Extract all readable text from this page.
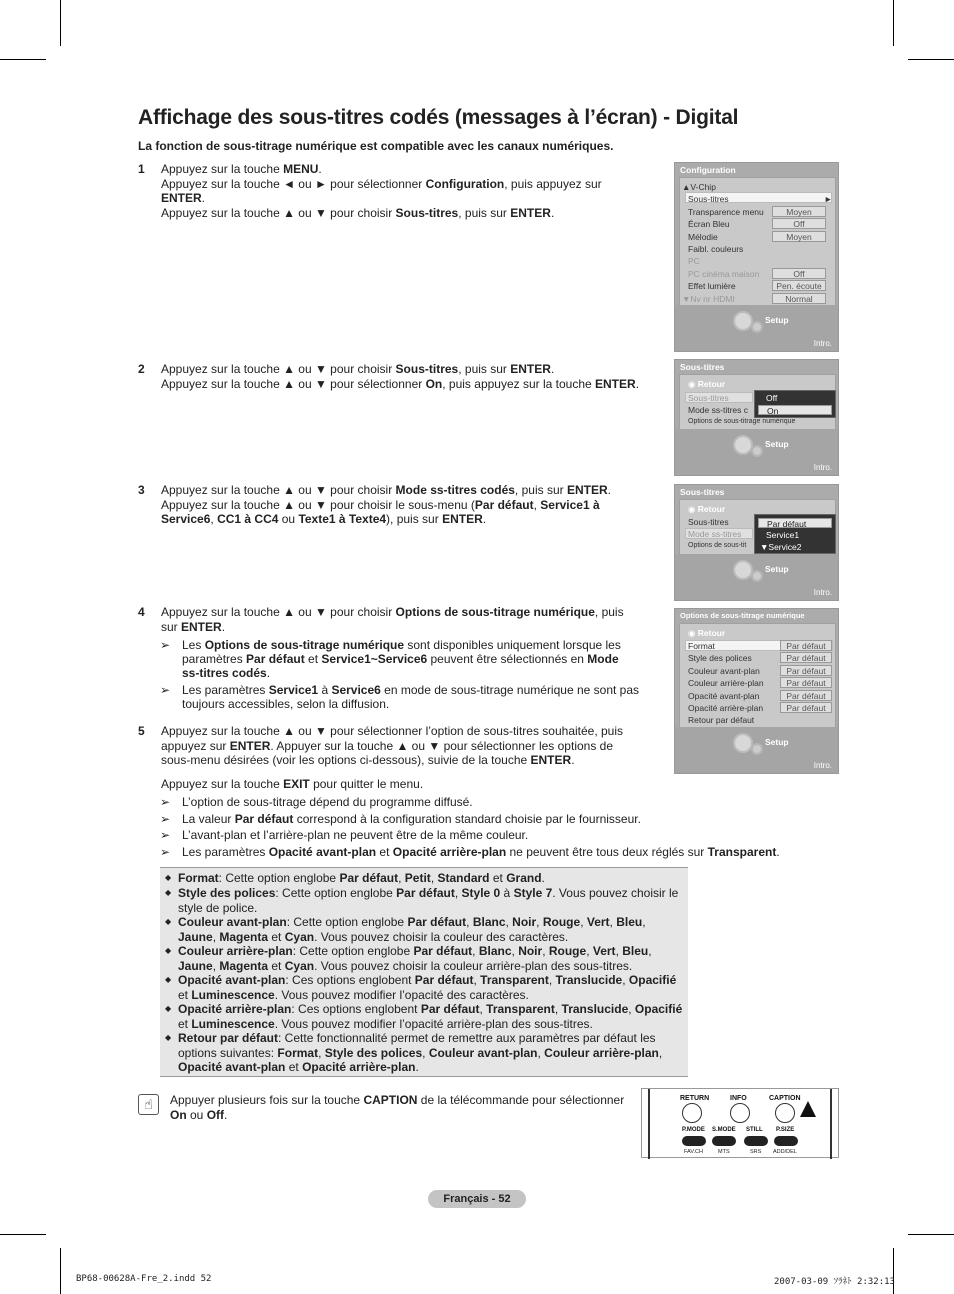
Affichage des sous-titres codés (messages à l’écran) - Digital
La fonction de sous-titrage numérique est compatible avec les canaux numériques.
1 Appuyez sur la touche MENU.

Appuyez sur la touche ◄ ou ► pour sélectionner Configuration, puis appuyez sur ENTER.

Appuyez sur la touche ▲ ou ▼ pour choisir Sous-titres, puis sur ENTER.

2 Appuyez sur la touche ▲ ou ▼ pour choisir Sous-titres, puis sur ENTER.

Appuyez sur la touche ▲ ou ▼ pour sélectionner On, puis appuyez sur la touche ENTER.

3 Appuyez sur la touche ▲ ou ▼ pour choisir Mode ss-titres codés, puis sur ENTER.

Appuyez sur la touche ▲ ou ▼ pour choisir le sous-menu (Par défaut, Service1 à Service6, CC1 à CC4 ou Texte1 à Texte4), puis sur ENTER.

4 Appuyez sur la touche ▲ ou ▼ pour choisir Options de sous-titrage numérique, puis sur ENTER.

➢ Les Options de sous-titrage numérique sont disponibles uniquement lorsque les paramètres Par défaut et Service1~Service6 peuvent être sélectionnés en Mode ss-titres codés.
➢ Les paramètres Service1 à Service6 en mode de sous-titrage numérique ne sont pas toujours accessibles, selon la diffusion.
5 Appuyez sur la touche ▲ ou ▼ pour sélectionner l’option de sous-titres souhaitée, puis appuyez sur ENTER. Appuyer sur la touche ▲ ou ▼ pour sélectionner les options de sous-menu désirées (voir les options ci-dessous), suivie de la touche ENTER.

Appuyez sur la touche EXIT pour quitter le menu.
➢ L’option de sous-titrage dépend du programme diffusé.
➢ La valeur Par défaut correspond à la configuration standard choisie par le fournisseur.
➢ L’avant-plan et l’arrière-plan ne peuvent être de la même couleur.
➢ Les paramètres Opacité avant-plan et Opacité arrière-plan ne peuvent être tous deux réglés sur Transparent.
◆ Format: Cette option englobe Par défaut, Petit, Standard et Grand.
◆ Style des polices: Cette option englobe Par défaut, Style 0 à Style 7. Vous pouvez choisir le style de police.
◆ Couleur avant-plan: Cette option englobe Par défaut, Blanc, Noir, Rouge, Vert, Bleu, Jaune, Magenta et Cyan. Vous pouvez choisir la couleur des caractères.
◆ Couleur arrière-plan: Cette option englobe Par défaut, Blanc, Noir, Rouge, Vert, Bleu, Jaune, Magenta et Cyan. Vous pouvez choisir la couleur arrière-plan des sous-titres.
◆ Opacité avant-plan: Ces options englobent Par défaut, Transparent, Translucide, Opacifié et Luminescence. Vous pouvez modifier l’opacité des caractères.
◆ Opacité arrière-plan: Ces options englobent Par défaut, Transparent, Translucide, Opacifié et Luminescence. Vous pouvez modifier l’opacité arrière-plan des sous-titres.
◆ Retour par défaut: Cette fonctionnalité permet de remettre aux paramètres par défaut les options suivantes: Format, Style des polices, Couleur avant-plan, Couleur arrière-plan, Opacité avant-plan et Opacité arrière-plan.
☝	Appuyer plusieurs fois sur la touche CAPTION de la télécommande pour sélectionner On ou Off.
RETURN	INFO	CAPTION
P.MODE S.MODE STILL P.SIZE
FAV.CH	MTS	SRS ADD/DEL
Configuration
▲V-Chip
Sous-titres	►
Transparence menu	Moyen
Écran Bleu	Off
Mélodie	Moyen
Faibl. couleurs
PC
PC cinéma maison	Off
Effet lumière	Pen. écoute
▼Nv nr HDMI	Normal
Setup
Intro.
Sous-titres
◉ Retour
Sous-titres
Mode ss-titres c
Options de sous-titrage numérique
Off
On
Setup
Intro.
Sous-titres
◉ Retour
Sous-titres
Mode ss-titres
Options de sous-tit
Par défaut
Service1
▼Service2
Setup
Intro.
Options de sous-titrage numérique
◉ Retour
Format	Par défaut
Style des polices	Par défaut
Couleur avant-plan	Par défaut
Couleur arrière-plan	Par défaut
Opacité avant-plan	Par défaut
Opacité arrière-plan	Par défaut
Retour par défaut
Setup
Intro.
Français - 52
BP68-00628A-Fre_2.indd 52	2007-03-09 ｿﾗﾈﾄ 2:32:13
